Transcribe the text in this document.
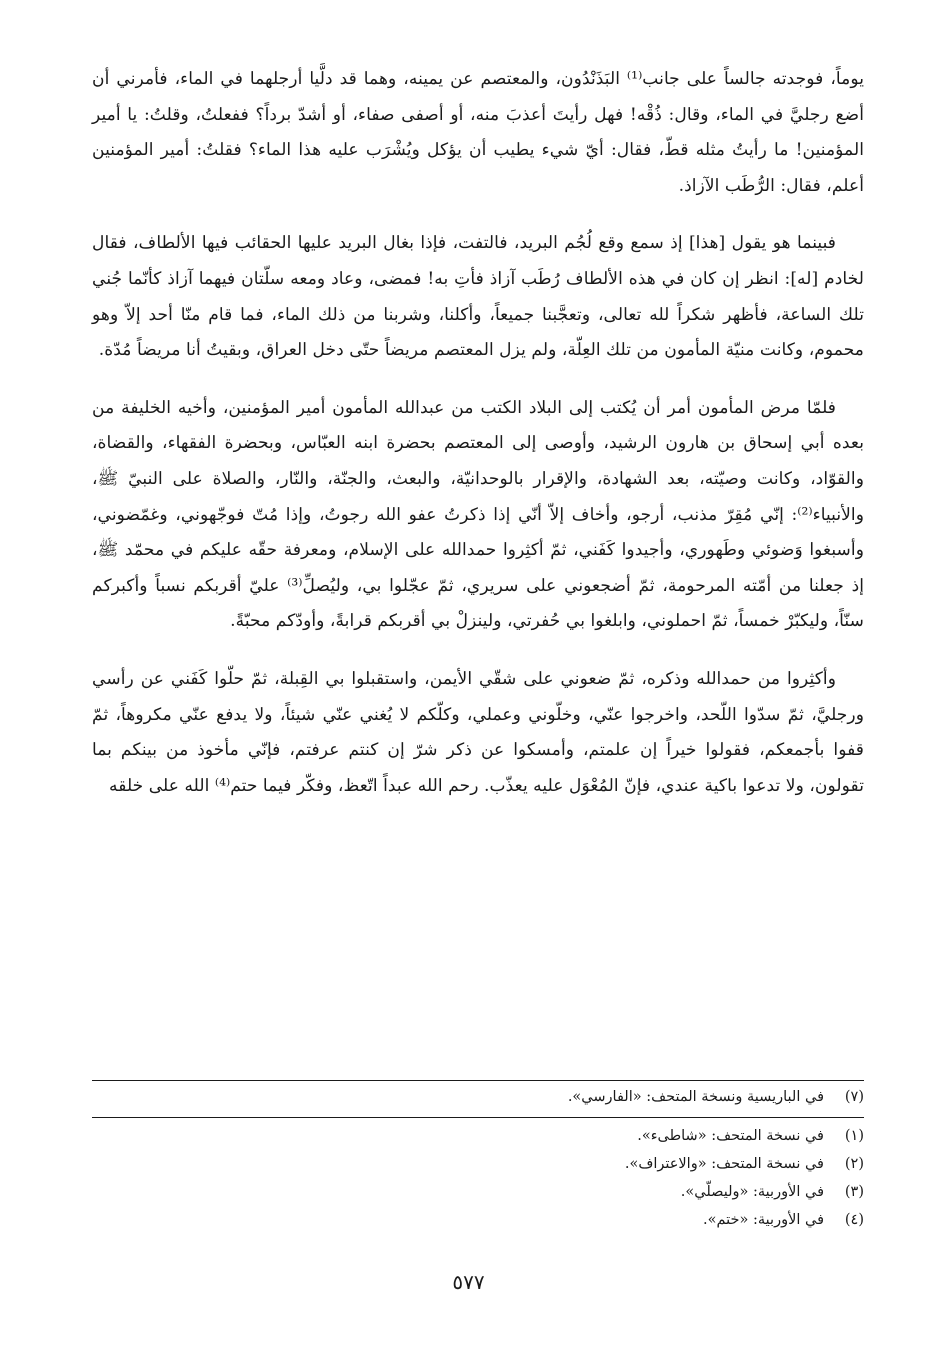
يوماً، فوجدته جالساً على جانب⁽¹⁾ البَذَنْدُون، والمعتصم عن يمينه، وهما قد دلَّيا أرجلهما في الماء، فأمرني أن أضع رجليَّ في الماء، وقال: ذُقْه! فهل رأيتَ أعذبَ منه، أو أصفى صفاء، أو أشدّ برداً؟ ففعلتُ، وقلتُ: يا أمير المؤمنين! ما رأيتُ مثله قطّ، فقال: أيّ شيء يطيب أن يؤكل ويُشْرَب عليه هذا الماء؟ فقلتُ: أمير المؤمنين أعلم، فقال: الرُّطَب الآزاذ.

فبينما هو يقول [هذا] إذ سمع وقع لُجُم البريد، فالتفت، فإذا بغال البريد عليها الحقائب فيها الألطاف، فقال لخادم [له]: انظر إن كان في هذه الألطاف رُطَب آزاذ فأتِ به! فمضى، وعاد ومعه سلّتان فيهما آزاذ كأنّما جُني تلك الساعة، فأظهر شكراً لله تعالى، وتعجَّبنا جميعاً، وأكلنا، وشربنا من ذلك الماء، فما قام منّا أحد إلاّ وهو محموم، وكانت منيّة المأمون من تلك العِلّة، ولم يزل المعتصم مريضاً حتّى دخل العراق، وبقيتُ أنا مريضاً مُدّة.

فلمّا مرض المأمون أمر أن يُكتب إلى البلاد الكتب من عبدالله المأمون أمير المؤمنين، وأخيه الخليفة من بعده أبي إسحاق بن هارون الرشيد، وأوصى إلى المعتصم بحضرة ابنه العبّاس، وبحضرة الفقهاء، والقضاة، والقوّاد، وكانت وصيّته، بعد الشهادة، والإقرار بالوحدانيّة، والبعث، والجنّة، والنّار، والصلاة على النبيّ ﷺ، والأنبياء⁽²⁾: إنّي مُقِرّ مذنب، أرجو، وأخاف إلاّ أنّي إذا ذكرتُ عفو الله رجوتُ، وإذا مُتّ فوجّهوني، وغمّضوني، وأسبغوا وَضوئي وطَهوري، وأجيدوا كَفَني، ثمّ أكثِروا حمدالله على الإسلام، ومعرفة حقّه عليكم في محمّد ﷺ، إذ جعلنا من أمّته المرحومة، ثمّ أضجعوني على سريري، ثمّ عجّلوا بي، وليُصلِّ⁽³⁾ عليّ أقربكم نسباً وأكبركم سنّاً، وليكبّرْ خمساً، ثمّ احملوني، وابلغوا بي حُفرتي، ولينزلْ بي أقربكم قرابةً، وأودّكم محبّةً.

وأكثِروا من حمدالله وذكره، ثمّ ضعوني على شقّي الأيمن، واستقبلوا بي القِبلة، ثمّ حلّوا كَفَني عن رأسي ورجليَّ، ثمّ سدّوا اللّحد، واخرجوا عنّي، وخلّوني وعملي، وكلّكم لا يُغني عنّي شيئاً، ولا يدفع عنّي مكروهاً، ثمّ قفوا بأجمعكم، فقولوا خيراً إن علمتم، وأمسكوا عن ذكر شرّ إن كنتم عرفتم، فإنّي مأخوذ من بينكم بما تقولون، ولا تدعوا باكية عندي، فإنّ المُعْوَل عليه يعذّب. رحم الله عبداً اتّعظ، وفكّر فيما حتم⁽⁴⁾ الله على خلقه

(٧)
في الباريسية ونسخة المتحف: «الفارسي».
(١)
في نسخة المتحف: «شاطىء».
(٢)
في نسخة المتحف: «والاعتراف».
(٣)
في الأوربية: «وليصلّي».
(٤)
في الأوربية: «ختم».
٥٧٧
